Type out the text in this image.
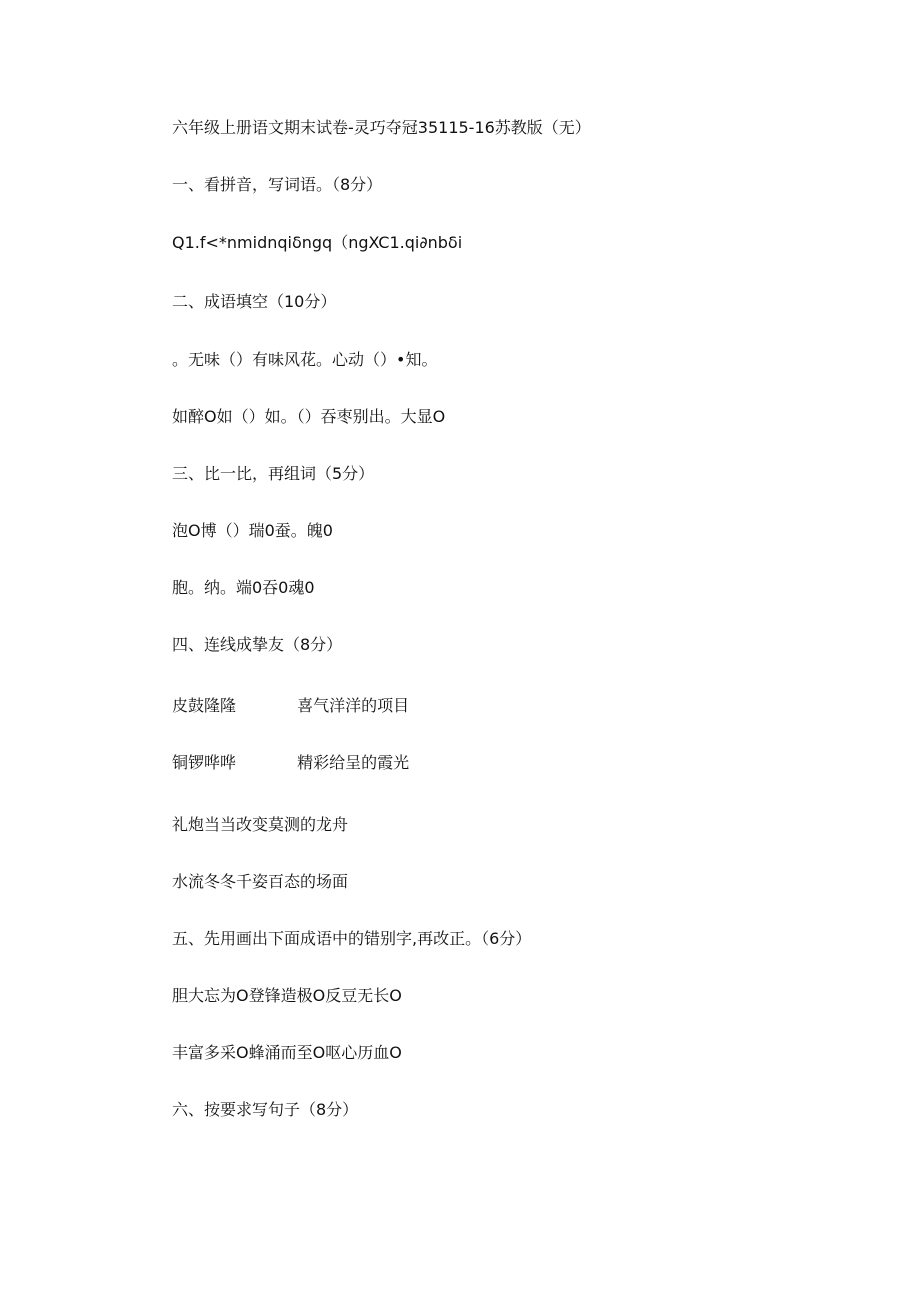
六年级上册语文期末试卷-灵巧夺冠35115-16苏教版（无）
一、看拼音，写词语。（8分）
Q1.f<*nmidnqiδngq（ngXC1.qi∂nbδi
二、成语填空（10分）
。无味（）有味风花。心动（）•知。
如醉O如（）如。（）吞枣别出。大显O
三、比一比，再组词（5分）
泡O博（）瑞0蚕。魄0
胞。纳。端0吞0魂0
四、连线成挚友（8分）
皮鼓隆隆	喜气洋洋的项目
铜锣哗哗	精彩给呈的霞光
礼炮当当改变莫测的龙舟
水流冬冬千姿百态的场面
五、先用画出下面成语中的错别字,再改正。（6分）
胆大忘为O登锋造极O反豆无长O
丰富多采O蜂涌而至O呕心历血O
六、按要求写句子（8分）
